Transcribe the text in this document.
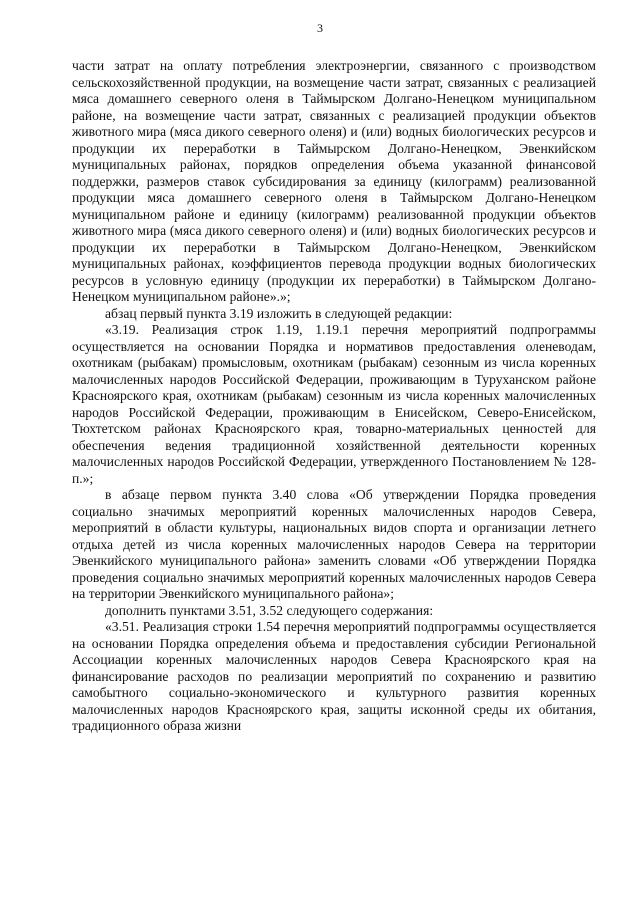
3

части затрат на оплату потребления электроэнергии, связанного с производством сельскохозяйственной продукции, на возмещение части затрат, связанных с реализацией мяса домашнего северного оленя в Таймырском Долгано-Ненецком муниципальном районе, на возмещение части затрат, связанных с реализацией продукции объектов животного мира (мяса дикого северного оленя) и (или) водных биологических ресурсов и продукции их переработки в Таймырском Долгано-Ненецком, Эвенкийском муниципальных районах, порядков определения объема указанной финансовой поддержки, размеров ставок субсидирования за единицу (килограмм) реализованной продукции мяса домашнего северного оленя в Таймырском Долгано-Ненецком муниципальном районе и единицу (килограмм) реализованной продукции объектов животного мира (мяса дикого северного оленя) и (или) водных биологических ресурсов и продукции их переработки в Таймырском Долгано-Ненецком, Эвенкийском муниципальных районах, коэффициентов перевода продукции водных биологических ресурсов в условную единицу (продукции их переработки) в Таймырском Долгано-Ненецком муниципальном районе».»;

абзац первый пункта 3.19 изложить в следующей редакции:

«3.19. Реализация строк 1.19, 1.19.1 перечня мероприятий подпрограммы осуществляется на основании Порядка и нормативов предоставления оленеводам, охотникам (рыбакам) промысловым, охотникам (рыбакам) сезонным из числа коренных малочисленных народов Российской Федерации, проживающим в Туруханском районе Красноярского края, охотникам (рыбакам) сезонным из числа коренных малочисленных народов Российской Федерации, проживающим в Енисейском, Северо-Енисейском, Тюхтетском районах Красноярского края, товарно-материальных ценностей для обеспечения ведения традиционной хозяйственной деятельности коренных малочисленных народов Российской Федерации, утвержденного Постановлением № 128-п.»;

в абзаце первом пункта 3.40 слова «Об утверждении Порядка проведения социально значимых мероприятий коренных малочисленных народов Севера, мероприятий в области культуры, национальных видов спорта и организации летнего отдыха детей из числа коренных малочисленных народов Севера на территории Эвенкийского муниципального района» заменить словами «Об утверждении Порядка проведения социально значимых мероприятий коренных малочисленных народов Севера на территории Эвенкийского муниципального района»;

дополнить пунктами 3.51, 3.52 следующего содержания:

«3.51. Реализация строки 1.54 перечня мероприятий подпрограммы осуществляется на основании Порядка определения объема и предоставления субсидии Региональной Ассоциации коренных малочисленных народов Севера Красноярского края на финансирование расходов по реализации мероприятий по сохранению и развитию самобытного социально-экономического и культурного развития коренных малочисленных народов Красноярского края, защиты исконной среды их обитания, традиционного образа жизни
